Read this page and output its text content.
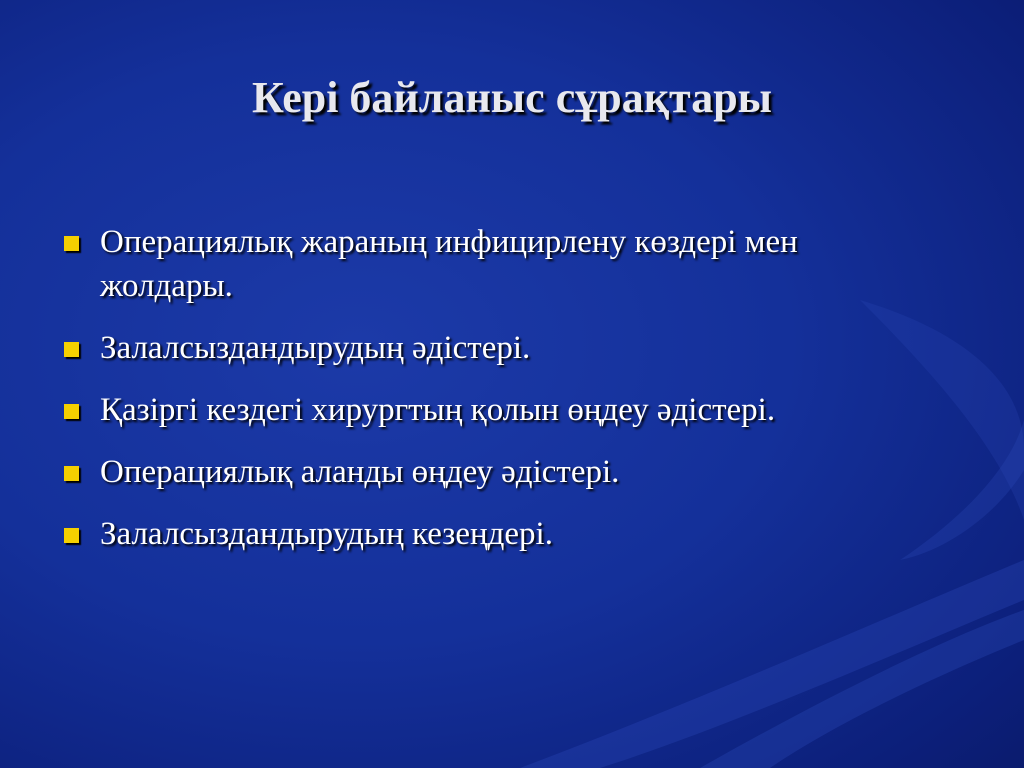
Кері байланыс сұрақтары
Операциялық жараның инфицирлену көздері мен жолдары.
Залалсыздандырудың әдістері.
Қазіргі кездегі хирургтың қолын өңдеу әдістері.
Операциялық аланды өңдеу әдістері.
Залалсыздандырудың кезеңдері.
